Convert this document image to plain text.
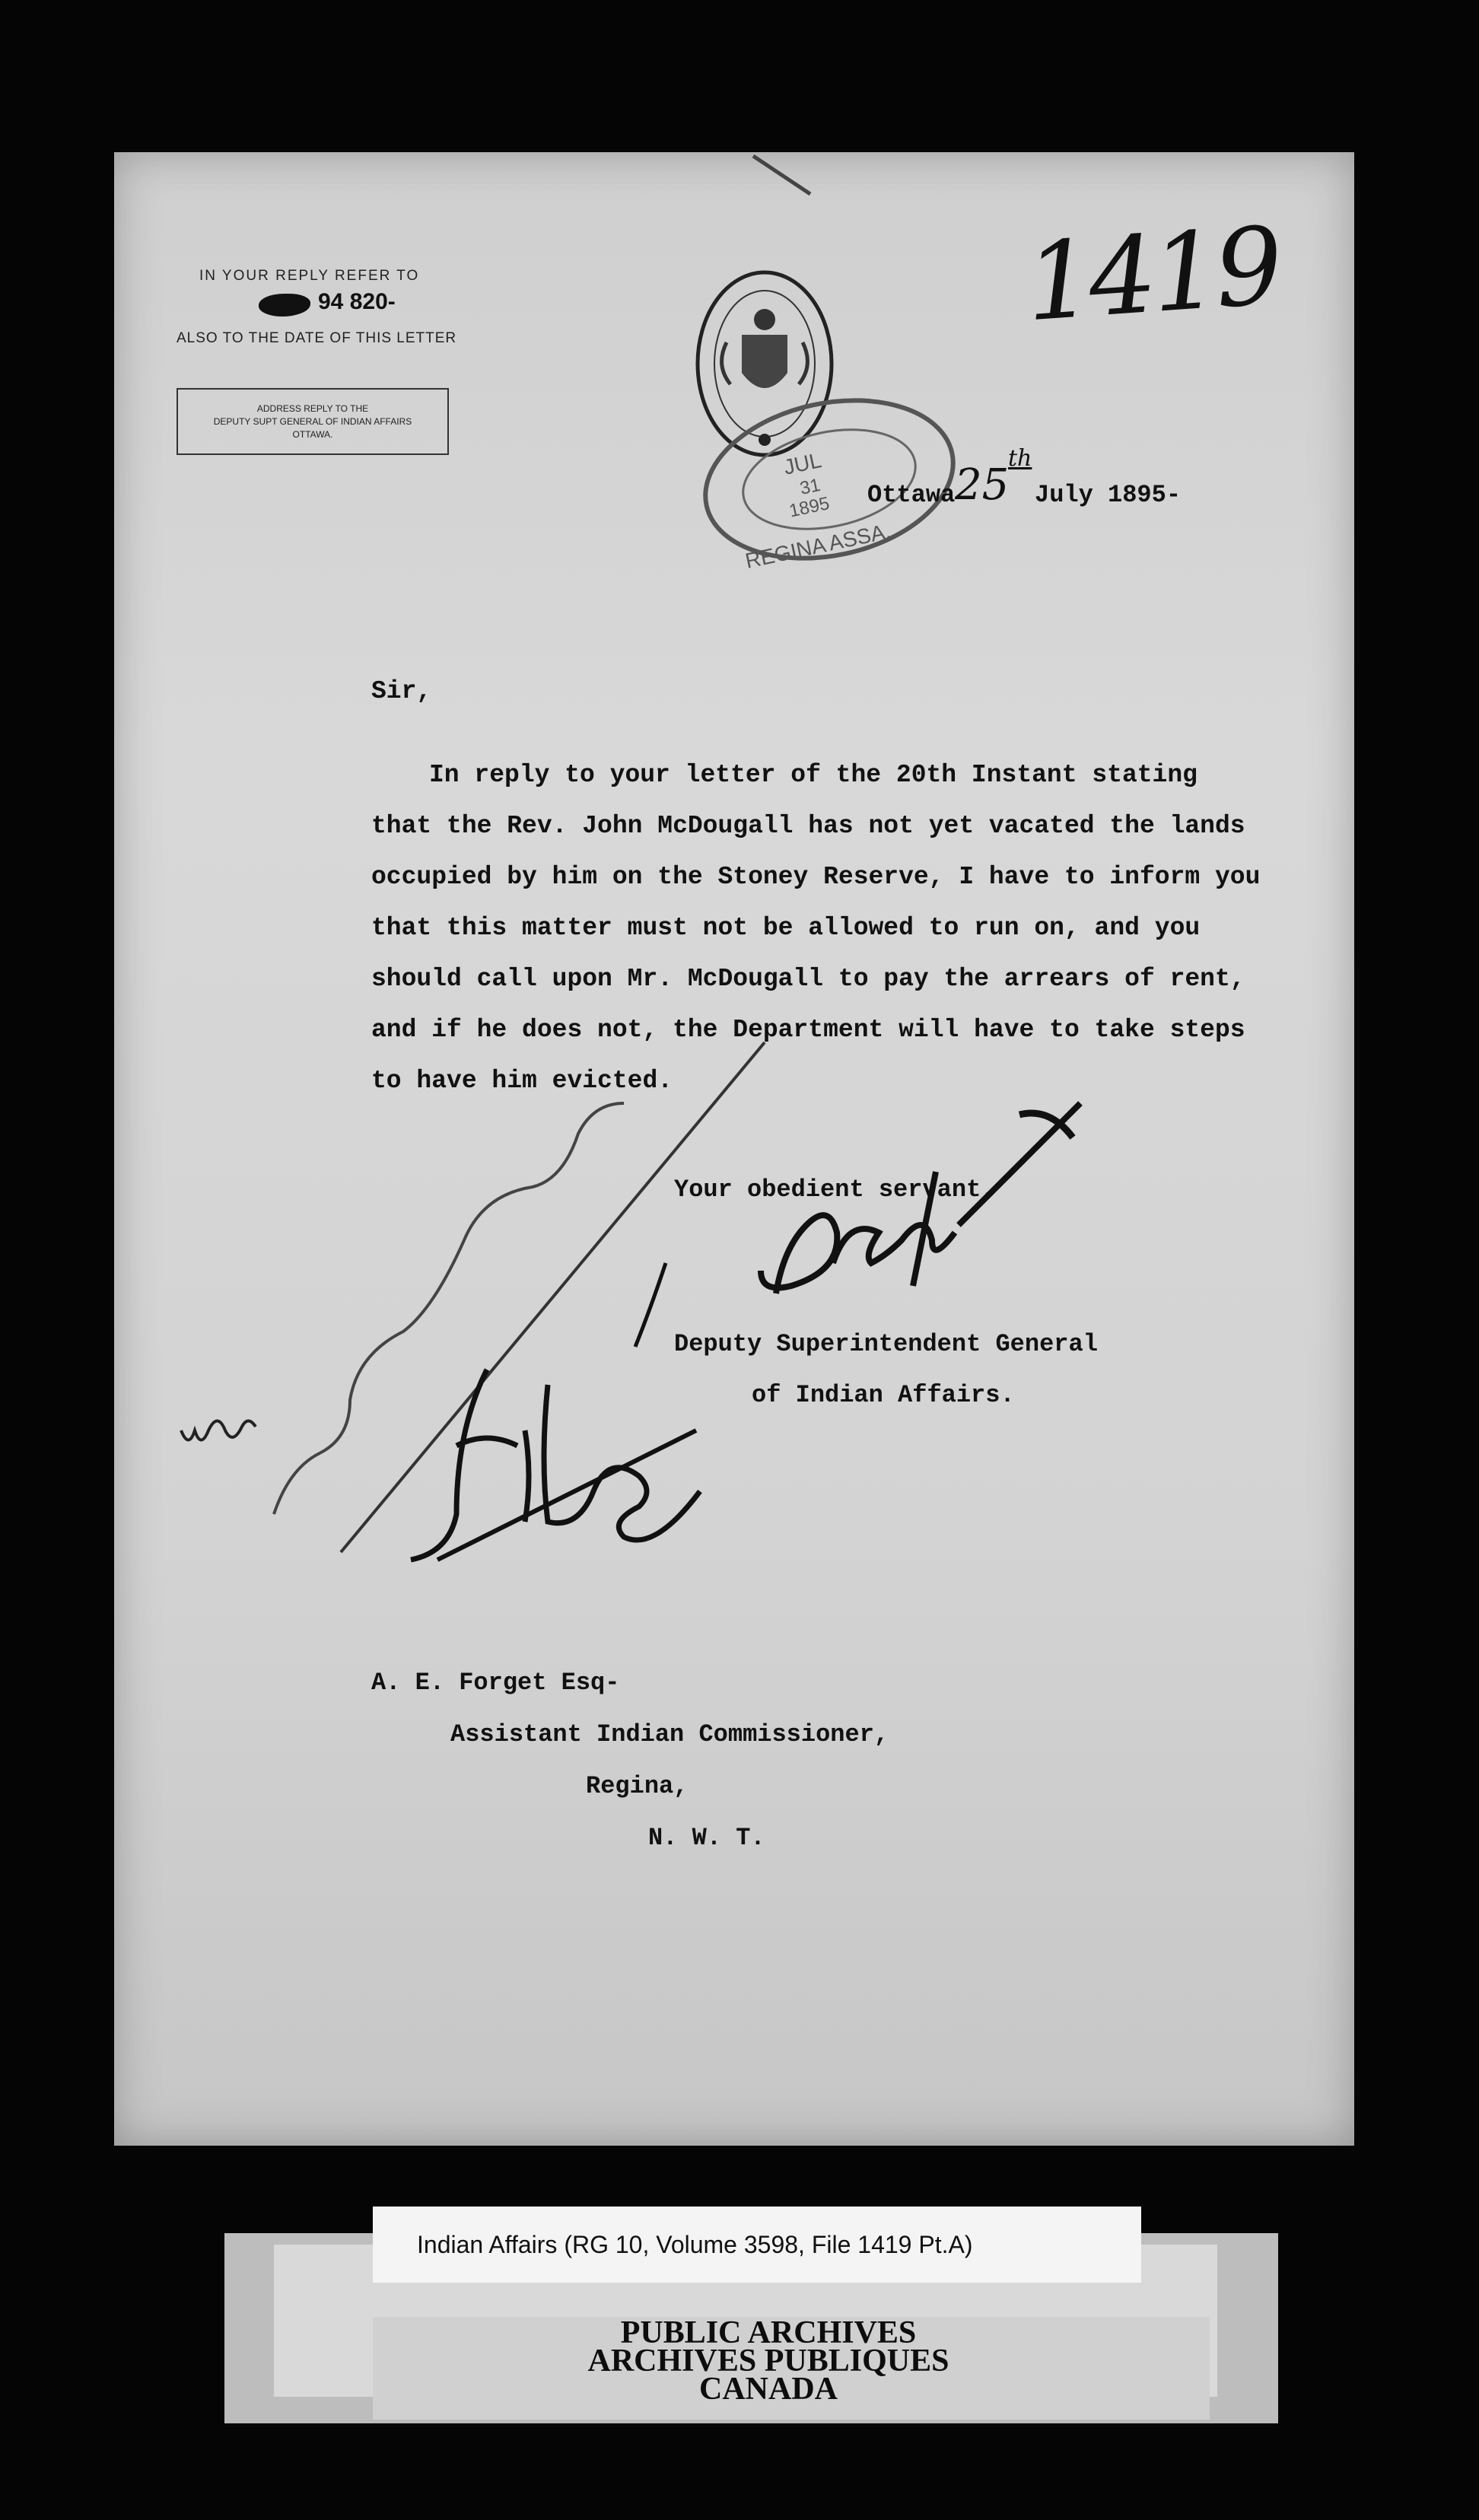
IN YOUR REPLY REFER TO
94 820-
ALSO TO THE DATE OF THIS LETTER
ADDRESS REPLY TO THE
DEPUTY SUPT GENERAL OF INDIAN AFFAIRS
OTTAWA.
1419
JUL
31
1895
REGINA ASSA.
Ottawa 25
th
July 1895-
Sir,

In reply to your letter of the 20th Instant stating

that the Rev. John McDougall has not yet vacated the lands

occupied by him on the Stoney Reserve, I have to inform you

that this matter must not be allowed to run on, and you

should call upon Mr. McDougall to pay the arrears of rent,

and if he does not, the Department will have to take steps

to have him evicted.

Your obedient servant,
Deputy Superintendent General
of Indian Affairs.
A. E. Forget Esq-
Assistant Indian Commissioner,
Regina,
N. W. T.
Indian Affairs (RG 10, Volume 3598, File 1419 Pt.A)
PUBLIC ARCHIVES
ARCHIVES PUBLIQUES
CANADA
